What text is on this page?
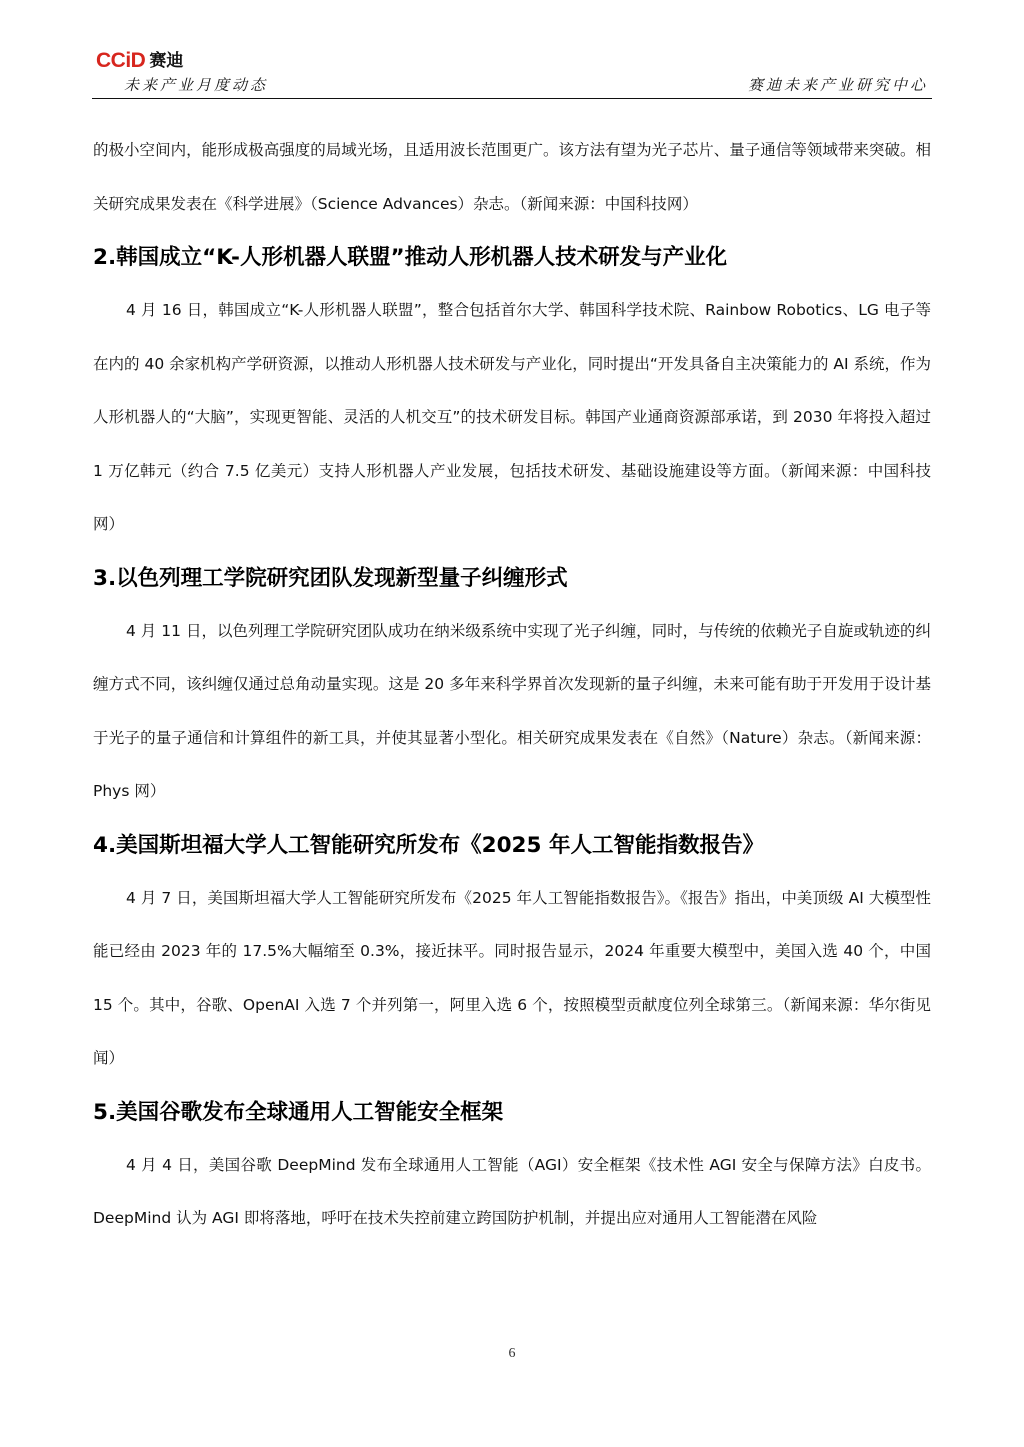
CCiD 赛迪
未来产业月度动态	赛迪未来产业研究中心

的极小空间内，能形成极高强度的局域光场，且适用波长范围更广。该方法有望为光子芯片、量子通信等领域带来突破。相关研究成果发表在《科学进展》（Science Advances）杂志。（新闻来源：中国科技网）

2.韩国成立“K-人形机器人联盟”推动人形机器人技术研发与产业化

4 月 16 日，韩国成立“K-人形机器人联盟”，整合包括首尔大学、韩国科学技术院、Rainbow Robotics、LG 电子等在内的 40 余家机构产学研资源，以推动人形机器人技术研发与产业化，同时提出“开发具备自主决策能力的 AI 系统，作为人形机器人的“大脑”，实现更智能、灵活的人机交互”的技术研发目标。韩国产业通商资源部承诺，到 2030 年将投入超过 1 万亿韩元（约合 7.5 亿美元）支持人形机器人产业发展，包括技术研发、基础设施建设等方面。（新闻来源：中国科技网）

3.以色列理工学院研究团队发现新型量子纠缠形式

4 月 11 日，以色列理工学院研究团队成功在纳米级系统中实现了光子纠缠，同时，与传统的依赖光子自旋或轨迹的纠缠方式不同，该纠缠仅通过总角动量实现。这是 20 多年来科学界首次发现新的量子纠缠，未来可能有助于开发用于设计基于光子的量子通信和计算组件的新工具，并使其显著小型化。相关研究成果发表在《自然》（Nature）杂志。（新闻来源：Phys 网）

4.美国斯坦福大学人工智能研究所发布《2025 年人工智能指数报告》

4 月 7 日，美国斯坦福大学人工智能研究所发布《2025 年人工智能指数报告》。《报告》指出，中美顶级 AI 大模型性能已经由 2023 年的 17.5%大幅缩至 0.3%，接近抹平。同时报告显示，2024 年重要大模型中，美国入选 40 个，中国 15 个。其中，谷歌、OpenAI 入选 7 个并列第一，阿里入选 6 个，按照模型贡献度位列全球第三。（新闻来源：华尔街见闻）

5.美国谷歌发布全球通用人工智能安全框架

4 月 4 日，美国谷歌 DeepMind 发布全球通用人工智能（AGI）安全框架《技术性 AGI 安全与保障方法》白皮书。DeepMind 认为 AGI 即将落地，呼吁在技术失控前建立跨国防护机制，并提出应对通用人工智能潜在风险

6
